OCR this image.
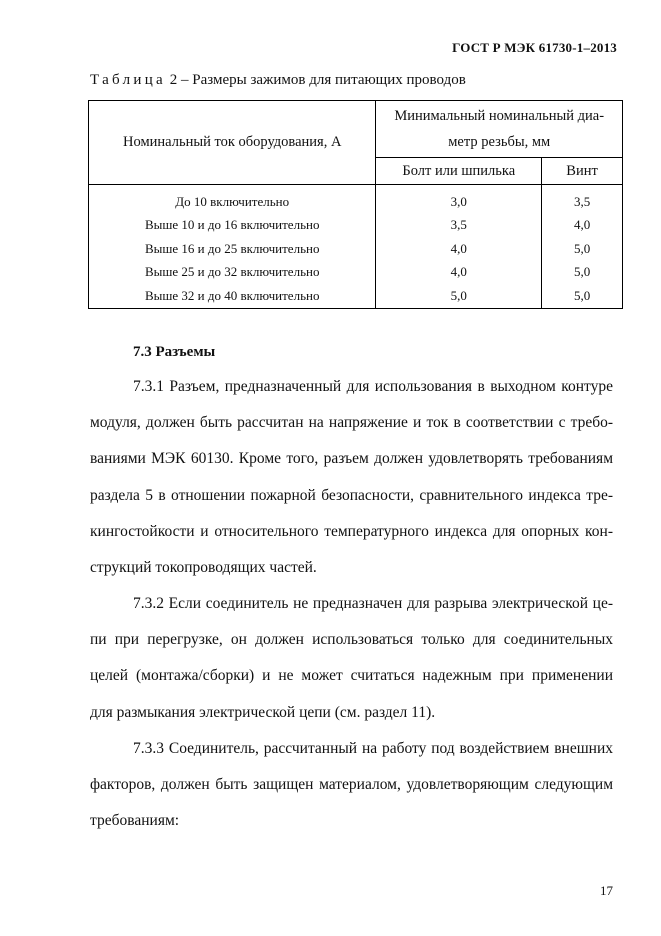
ГОСТ Р МЭК 61730-1–2013
Таблица 2 – Размеры зажимов для питающих проводов
Номинальный ток оборудования, А	Минимальный номинальный диа-
метр резьбы, мм	
	Болт или шпилька	Винт
До 10 включительно	3,0	3,5
Выше 10 и до 16 включительно	3,5	4,0
Выше 16 и до 25 включительно	4,0	5,0
Выше 25 и до 32 включительно	4,0	5,0
Выше 32 и до 40 включительно	5,0	5,0
7.3 Разъемы
7.3.1 Разъем, предназначенный для использования в выходном контуре
модуля, должен быть рассчитан на напряжение и ток в соответствии с требо-
ваниями МЭК 60130. Кроме того, разъем должен удовлетворять требованиям
раздела 5 в отношении пожарной безопасности, сравнительного индекса тре-
кингостойкости и относительного температурного индекса для опорных кон-
струкций токопроводящих частей.
7.3.2 Если соединитель не предназначен для разрыва электрической це-
пи при перегрузке, он должен использоваться только для соединительных
целей (монтажа/сборки) и не может считаться надежным при применении
для размыкания электрической цепи (см. раздел 11).
7.3.3 Соединитель, рассчитанный на работу под воздействием внешних
факторов, должен быть защищен материалом, удовлетворяющим следующим
требованиям:
17
